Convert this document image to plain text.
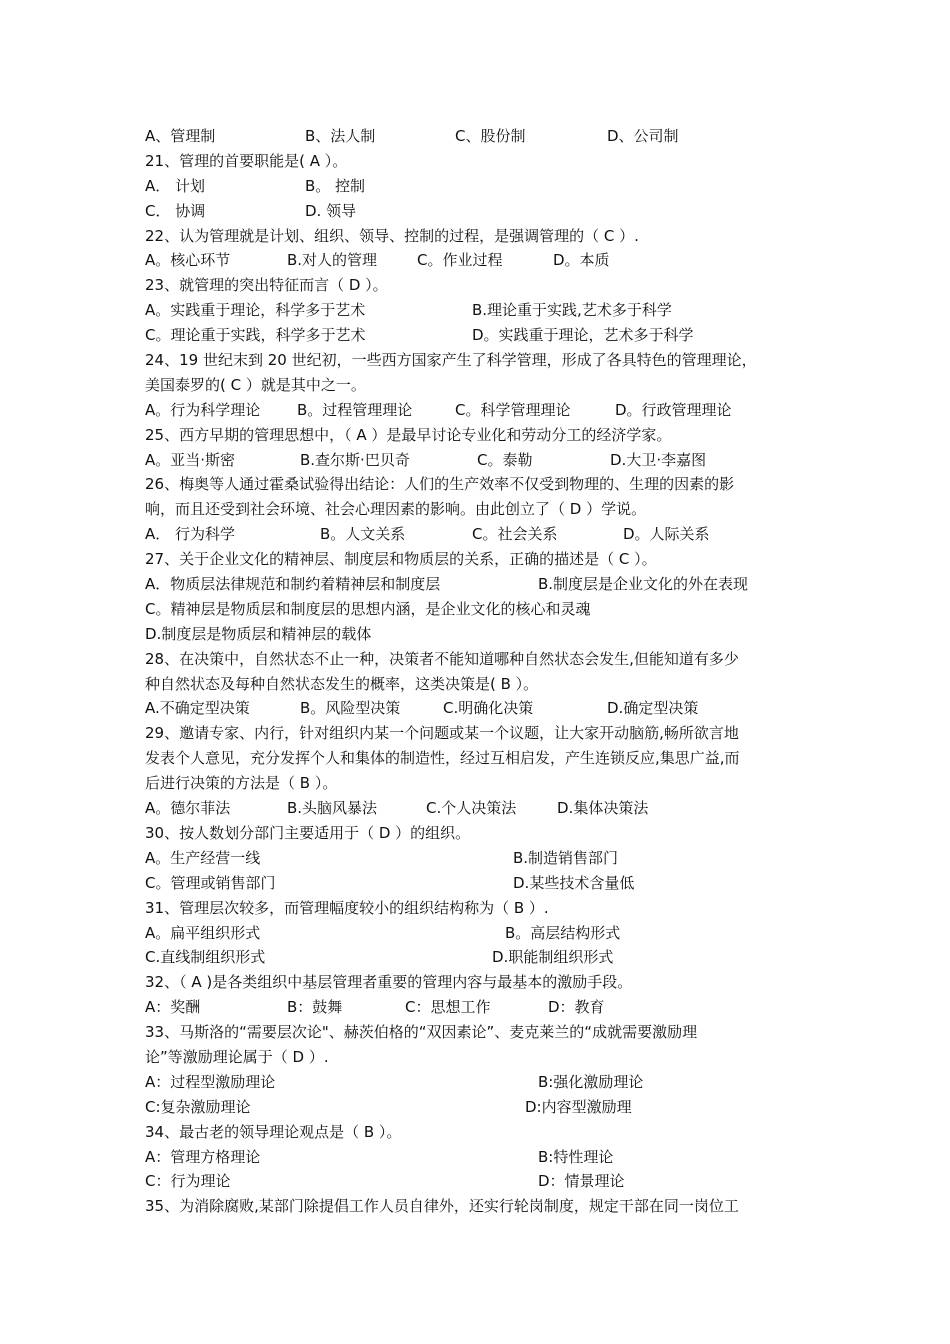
A、管理制	B、法人制	C、股份制	D、公司制
21、管理的首要职能是( A ）。
A． 计划	B。 控制
C． 协调	D. 领导
22、认为管理就是计划、组织、领导、控制的过程，是强调管理的（ C ）.
A。核心环节	B.对人的管理	C。作业过程	D。本质
23、就管理的突出特征而言（ D ）。
A。实践重于理论，科学多于艺术	B.理论重于实践,艺术多于科学
C。理论重于实践，科学多于艺术	D。实践重于理论，艺术多于科学
24、19 世纪末到 20 世纪初，一些西方国家产生了科学管理，形成了各具特色的管理理论，
美国泰罗的( C ）就是其中之一。
A。行为科学理论 B。过程管理理论	C。科学管理理论	D。行政管理理论
25、西方早期的管理思想中，（ A ）是最早讨论专业化和劳动分工的经济学家。
A。亚当·斯密	B.查尔斯·巴贝奇	C。泰勒	D.大卫·李嘉图
26、梅奥等人通过霍桑试验得出结论：人们的生产效率不仅受到物理的、生理的因素的影
响，而且还受到社会环境、社会心理因素的影响。由此创立了（ D ）学说。
A． 行为科学	B。人文关系	C。社会关系	D。人际关系
27、关于企业文化的精神层、制度层和物质层的关系，正确的描述是（ C ）。
A．物质层法律规范和制约着精神层和制度层	B.制度层是企业文化的外在表现
C。精神层是物质层和制度层的思想内涵，是企业文化的核心和灵魂
D.制度层是物质层和精神层的载体
28、在决策中，自然状态不止一种，决策者不能知道哪种自然状态会发生,但能知道有多少
种自然状态及每种自然状态发生的概率，这类决策是( B ）。
A.不确定型决策	B。风险型决策	C.明确化决策	D.确定型决策
29、邀请专家、内行，针对组织内某一个问题或某一个议题，让大家开动脑筋,畅所欲言地
发表个人意见，充分发挥个人和集体的制造性，经过互相启发，产生连锁反应,集思广益,而
后进行决策的方法是（ B ）。
A。德尔菲法	B.头脑风暴法	C.个人决策法	D.集体决策法
30、按人数划分部门主要适用于（ D ）的组织。
A。生产经营一线	B.制造销售部门
C。管理或销售部门	D.某些技术含量低
31、管理层次较多，而管理幅度较小的组织结构称为（ B ）.
A。扁平组织形式	B。高层结构形式
C.直线制组织形式	D.职能制组织形式
32、（ A )是各类组织中基层管理者重要的管理内容与最基本的激励手段。
A：奖酬	B：鼓舞	C：思想工作	D：教育
33、马斯洛的“需要层次论"、赫茨伯格的“双因素论”、麦克莱兰的“成就需要激励理
论”等激励理论属于（ D ）.
A：过程型激励理论	B:强化激励理论
C:复杂激励理论	D:内容型激励理
34、最古老的领导理论观点是（ B ）。
A：管理方格理论	B:特性理论
C：行为理论	D：情景理论
35、为消除腐败,某部门除提倡工作人员自律外，还实行轮岗制度，规定干部在同一岗位工
